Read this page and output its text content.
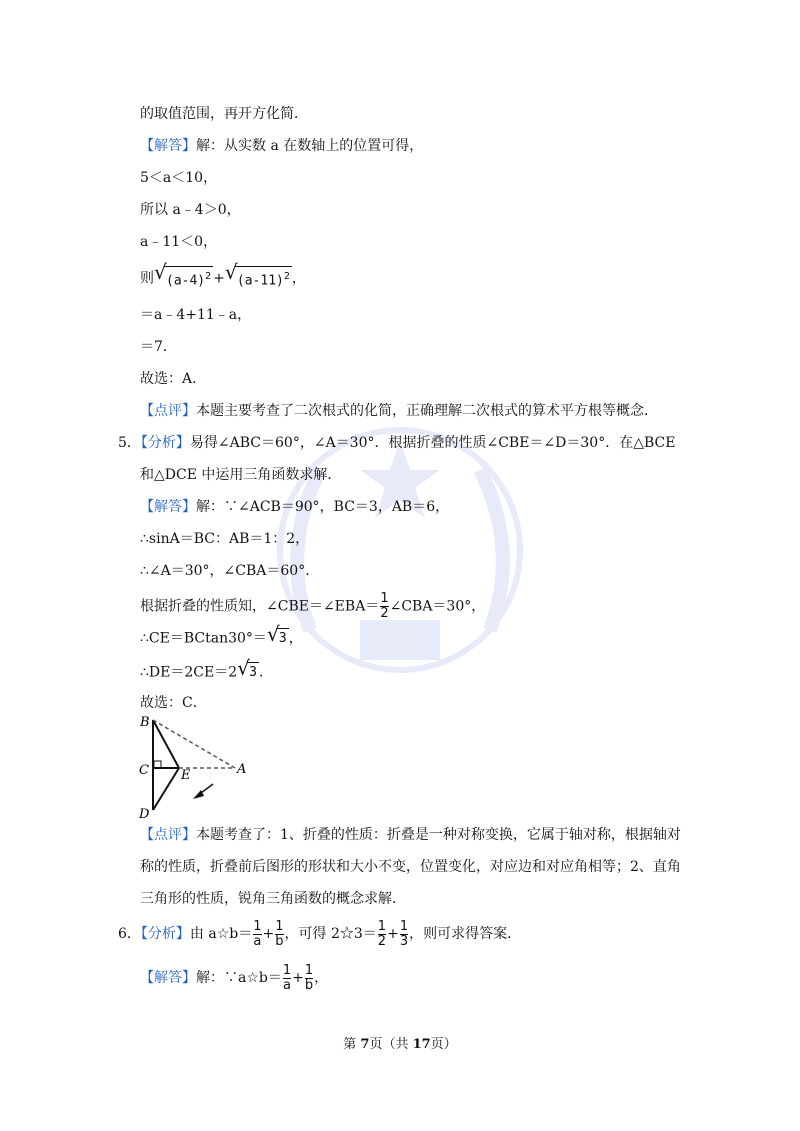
的取值范围，再开方化简．
【解答】解：从实数 a 在数轴上的位置可得，
5＜a＜10，
所以 a﹣4＞0，
a﹣11＜0，
则 √ $(a-4)^2$ + √ $(a-11)^2$ ，
＝a﹣4+11﹣a，
＝7．
故选：A．
【点评】本题主要考查了二次根式的化简，正确理解二次根式的算术平方根等概念．
5．【分析】易得∠ABC＝60°，∠A＝30°．根据折叠的性质∠CBE＝∠D＝30°．在△BCE
和△DCE 中运用三角函数求解．
【解答】解：∵∠ACB＝90°，BC＝3，AB＝6，
∴sinA＝BC：AB＝1：2，
∴∠A＝30°，∠CBA＝60°．
根据折叠的性质知，∠CBE＝∠EBA＝ $\frac{1}{2}$ ∠CBA＝30°，
∴CE＝BCtan30°＝ √ 3 ，
∴DE＝2CE＝2 √ 3 ．
故选：C．
B
C E	A
D
【点评】本题考查了：1、折叠的性质：折叠是一种对称变换，它属于轴对称，根据轴对
称的性质，折叠前后图形的形状和大小不变，位置变化，对应边和对应角相等；2、直角
三角形的性质，锐角三角函数的概念求解．
6．【分析】由 a☆b＝ $\frac{1}{a} + \frac{1}{b}$ ，可得 2☆3＝ $\frac{1}{2} + \frac{1}{3}$ ，则可求得答案．
【解答】解：∵a☆b＝ $\frac{1}{a} + \frac{1}{b}$ ，
第 7页（共 17页）
